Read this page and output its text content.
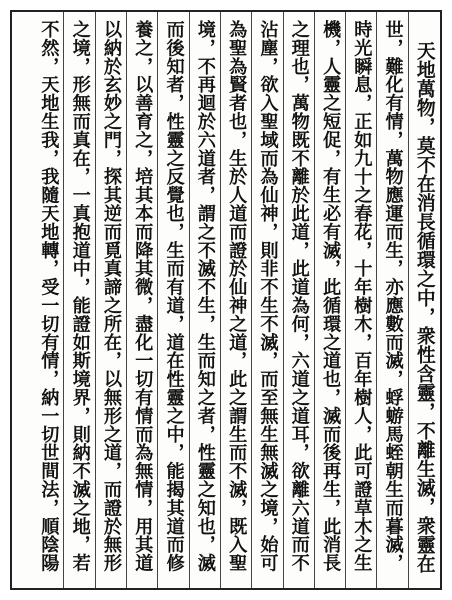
天地萬物，莫不在消長循環之中，衆性含靈，不離生滅，衆靈在
世，難化有情，萬物應運而生，亦應數而滅，蜉蝣馬蛭朝生而暮滅，
時光瞬息，正如九十之春花，十年樹木，百年樹人，此可證草木之生
機，人靈之短促，有生必有滅，此循環之道也，滅而後再生，此消長
之理也，萬物既不離於此道，此道為何，六道之道耳，欲離六道而不
沾塵，欲入聖域而為仙神，則非不生不滅，而至無生無滅之境，始可
為聖為賢者也，生於人道而證於仙神之道，此之謂生而不滅，既入聖
境，不再迴於六道者，謂之不滅不生，生而知之者，性靈之知也，滅
而後知者，性靈之反覺也，生而有道，道在性靈之中，能揭其道而修
養之，以善育之，培其本而降其微，盡化一切有情而為無情，用其道
以納於玄妙之門，探其逆而覓真諦之所在，以無形之道，而證於無形
之境，形無而真在，一真抱道中，能證如斯境界，則納不滅之地，若
不然，天地生我，我隨天地轉，受一切有情，納一切世間法，順陰陽
